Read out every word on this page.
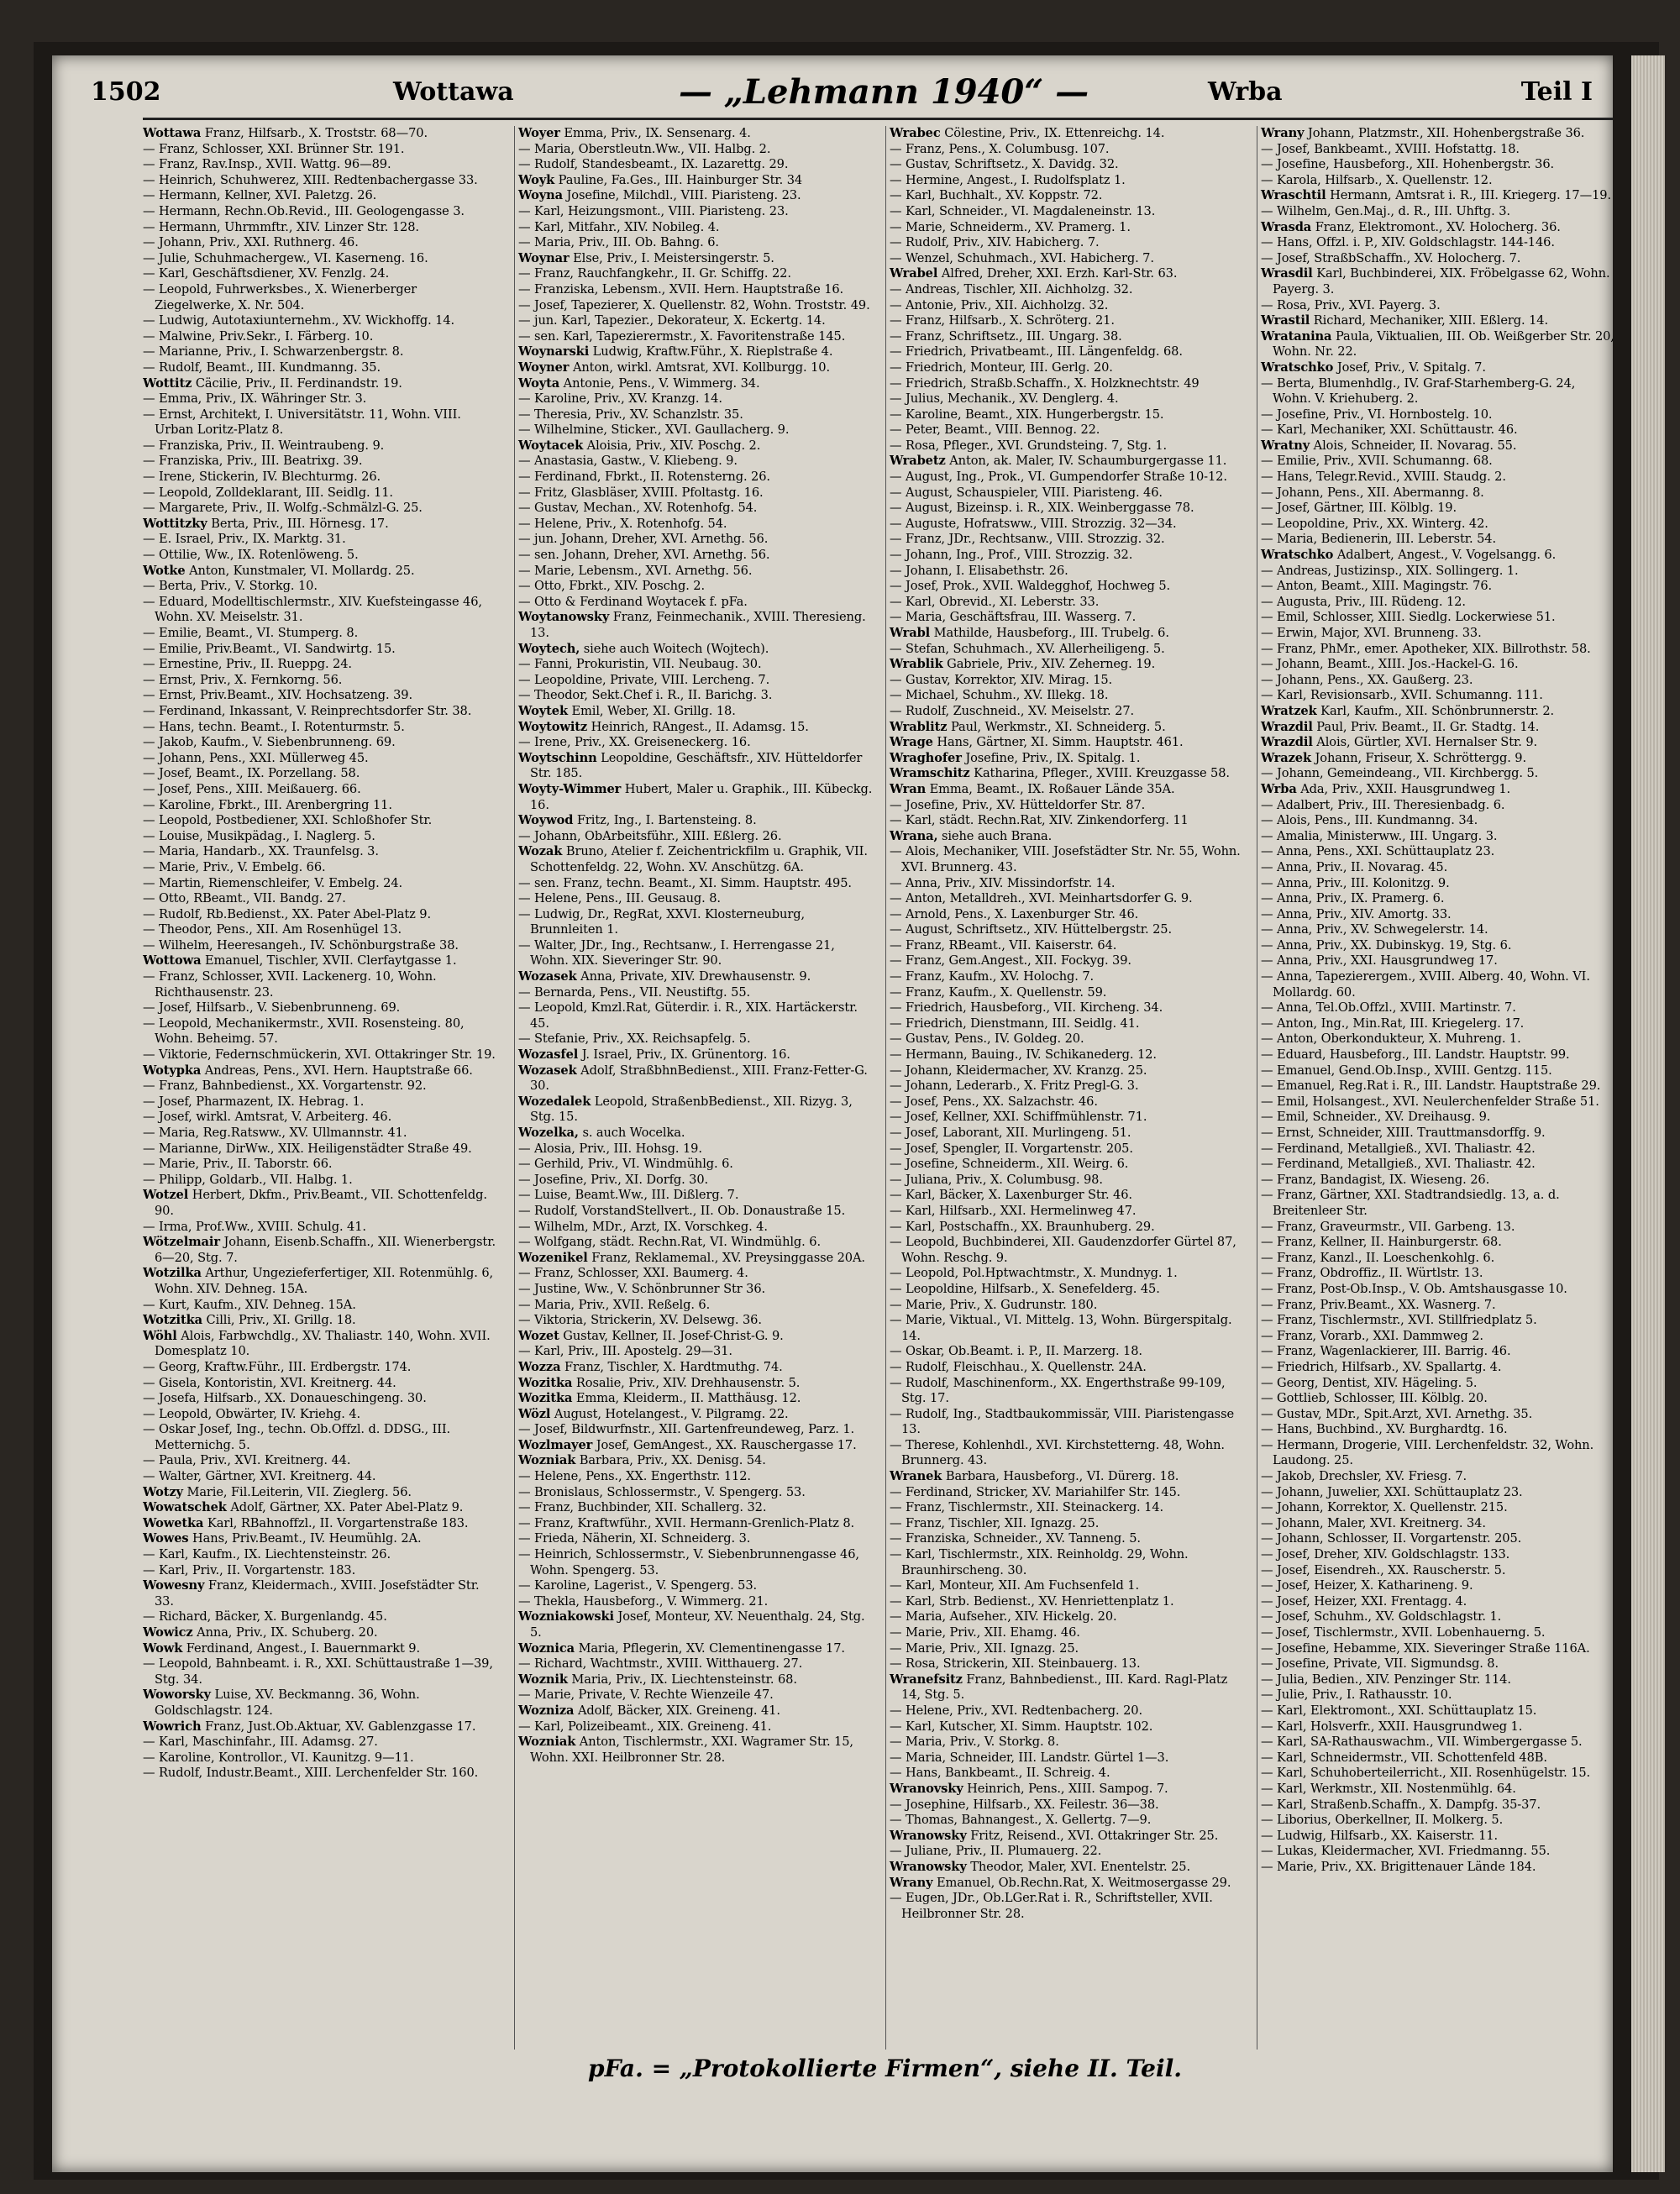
1502	Wottawa	— „Lehmann 1940“ —	Wrba	Teil I

Wottawa Franz, Hilfsarb., X. Troststr. 68—70.

— Franz, Schlosser, XXI. Brünner Str. 191.

— Franz, Rav.Insp., XVII. Wattg. 96—89.

— Heinrich, Schuhwerez, XIII. Redtenbachergasse 33.

— Hermann, Kellner, XVI. Paletzg. 26.

— Hermann, Rechn.Ob.Revid., III. Geologengasse 3.

— Hermann, Uhrmmftr., XIV. Linzer Str. 128.

— Johann, Priv., XXI. Ruthnerg. 46.

— Julie, Schuhmachergew., VI. Kaserneng. 16.

— Karl, Geschäftsdiener, XV. Fenzlg. 24.

— Leopold, Fuhrwerksbes., X. Wienerberger Ziegelwerke, X. Nr. 504.

— Ludwig, Autotaxiunternehm., XV. Wickhoffg. 14.

— Malwine, Priv.Sekr., I. Färberg. 10.

— Marianne, Priv., I. Schwarzenbergstr. 8.

— Rudolf, Beamt., III. Kundmanng. 35.

Wottitz Cäcilie, Priv., II. Ferdinandstr. 19.

— Emma, Priv., IX. Währinger Str. 3.

— Ernst, Architekt, I. Universitätstr. 11, Wohn. VIII. Urban Loritz-Platz 8.

— Franziska, Priv., II. Weintraubeng. 9.

— Franziska, Priv., III. Beatrixg. 39.

— Irene, Stickerin, IV. Blechturmg. 26.

— Leopold, Zolldeklarant, III. Seidlg. 11.

— Margarete, Priv., II. Wolfg.-Schmälzl-G. 25.

Wottitzky Berta, Priv., III. Hörnesg. 17.

— E. Israel, Priv., IX. Marktg. 31.

— Ottilie, Ww., IX. Rotenlöweng. 5.

Wotke Anton, Kunstmaler, VI. Mollardg. 25.

— Berta, Priv., V. Storkg. 10.

— Eduard, Modelltischlermstr., XIV. Kuefsteingasse 46, Wohn. XV. Meiselstr. 31.

— Emilie, Beamt., VI. Stumperg. 8.

— Emilie, Priv.Beamt., VI. Sandwirtg. 15.

— Ernestine, Priv., II. Rueppg. 24.

— Ernst, Priv., X. Fernkorng. 56.

— Ernst, Priv.Beamt., XIV. Hochsatzeng. 39.

— Ferdinand, Inkassant, V. Reinprechtsdorfer Str. 38.

— Hans, techn. Beamt., I. Rotenturmstr. 5.

— Jakob, Kaufm., V. Siebenbrunneng. 69.

— Johann, Pens., XXI. Müllerweg 45.

— Josef, Beamt., IX. Porzellang. 58.

— Josef, Pens., XIII. Meißauerg. 66.

— Karoline, Fbrkt., III. Arenbergring 11.

— Leopold, Postbediener, XXI. Schloßhofer Str.

— Louise, Musikpädag., I. Naglerg. 5.

— Maria, Handarb., XX. Traunfelsg. 3.

— Marie, Priv., V. Embelg. 66.

— Martin, Riemenschleifer, V. Embelg. 24.

— Otto, RBeamt., VII. Bandg. 27.

— Rudolf, Rb.Bedienst., XX. Pater Abel-Platz 9.

— Theodor, Pens., XII. Am Rosenhügel 13.

— Wilhelm, Heeresangeh., IV. Schönburgstraße 38.

Wottowa Emanuel, Tischler, XVII. Clerfaytgasse 1.

— Franz, Schlosser, XVII. Lackenerg. 10, Wohn. Richthausenstr. 23.

— Josef, Hilfsarb., V. Siebenbrunneng. 69.

— Leopold, Mechanikermstr., XVII. Rosensteing. 80, Wohn. Beheimg. 57.

— Viktorie, Federnschmückerin, XVI. Ottakringer Str. 19.

Wotypka Andreas, Pens., XVI. Hern. Hauptstraße 66.

— Franz, Bahnbedienst., XX. Vorgartenstr. 92.

— Josef, Pharmazent, IX. Hebrag. 1.

— Josef, wirkl. Amtsrat, V. Arbeiterg. 46.

— Maria, Reg.Ratsww., XV. Ullmannstr. 41.

— Marianne, DirWw., XIX. Heiligenstädter Straße 49.

— Marie, Priv., II. Taborstr. 66.

— Philipp, Goldarb., VII. Halbg. 1.

Wotzel Herbert, Dkfm., Priv.Beamt., VII. Schottenfeldg. 90.

— Irma, Prof.Ww., XVIII. Schulg. 41.

Wötzelmair Johann, Eisenb.Schaffn., XII. Wienerbergstr. 6—20, Stg. 7.

Wotzilka Arthur, Ungezieferfertiger, XII. Rotenmühlg. 6, Wohn. XIV. Dehneg. 15A.

— Kurt, Kaufm., XIV. Dehneg. 15A.

Wotzitka Cilli, Priv., XI. Grillg. 18.

Wöhl Alois, Farbwchdlg., XV. Thaliastr. 140, Wohn. XVII. Domesplatz 10.

— Georg, Kraftw.Führ., III. Erdbergstr. 174.

— Gisela, Kontoristin, XVI. Kreitnerg. 44.

— Josefa, Hilfsarb., XX. Donaueschingeng. 30.

— Leopold, Obwärter, IV. Kriehg. 4.

— Oskar Josef, Ing., techn. Ob.Offzl. d. DDSG., III. Metternichg. 5.

— Paula, Priv., XVI. Kreitnerg. 44.

— Walter, Gärtner, XVI. Kreitnerg. 44.

Wotzy Marie, Fil.Leiterin, VII. Zieglerg. 56.

Wowatschek Adolf, Gärtner, XX. Pater Abel-Platz 9.

Wowetka Karl, RBahnoffzl., II. Vorgartenstraße 183.

Wowes Hans, Priv.Beamt., IV. Heumühlg. 2A.

— Karl, Kaufm., IX. Liechtensteinstr. 26.

— Karl, Priv., II. Vorgartenstr. 183.

Wowesny Franz, Kleidermach., XVIII. Josefstädter Str. 33.

— Richard, Bäcker, X. Burgenlandg. 45.

Wowicz Anna, Priv., IX. Schuberg. 20.

Wowk Ferdinand, Angest., I. Bauernmarkt 9.

— Leopold, Bahnbeamt. i. R., XXI. Schüttaustraße 1—39, Stg. 34.

Woworsky Luise, XV. Beckmanng. 36, Wohn. Goldschlagstr. 124.

Wowrich Franz, Just.Ob.Aktuar, XV. Gablenzgasse 17.

— Karl, Maschinfahr., III. Adamsg. 27.

— Karoline, Kontrollor., VI. Kaunitzg. 9—11.

— Rudolf, Industr.Beamt., XIII. Lerchenfelder Str. 160.

Woyer Emma, Priv., IX. Sensenarg. 4.

— Maria, Oberstleutn.Ww., VII. Halbg. 2.

— Rudolf, Standesbeamt., IX. Lazarettg. 29.

Woyk Pauline, Fa.Ges., III. Hainburger Str. 34

Woyna Josefine, Milchdl., VIII. Piaristeng. 23.

— Karl, Heizungsmont., VIII. Piaristeng. 23.

— Karl, Mitfahr., XIV. Nobileg. 4.

— Maria, Priv., III. Ob. Bahng. 6.

Woynar Else, Priv., I. Meistersingerstr. 5.

— Franz, Rauchfangkehr., II. Gr. Schiffg. 22.

— Franziska, Lebensm., XVII. Hern. Hauptstraße 16.

— Josef, Tapezierer, X. Quellenstr. 82, Wohn. Troststr. 49.

— jun. Karl, Tapezier., Dekorateur, X. Eckertg. 14.

— sen. Karl, Tapezierermstr., X. Favoritenstraße 145.

Woynarski Ludwig, Kraftw.Führ., X. Rieplstraße 4.

Woyner Anton, wirkl. Amtsrat, XVI. Kollburgg. 10.

Woyta Antonie, Pens., V. Wimmerg. 34.

— Karoline, Priv., XV. Kranzg. 14.

— Theresia, Priv., XV. Schanzlstr. 35.

— Wilhelmine, Sticker., XVI. Gaullacherg. 9.

Woytacek Aloisia, Priv., XIV. Poschg. 2.

— Anastasia, Gastw., V. Kliebeng. 9.

— Ferdinand, Fbrkt., II. Rotensterng. 26.

— Fritz, Glasbläser, XVIII. Pfoltastg. 16.

— Gustav, Mechan., XV. Rotenhofg. 54.

— Helene, Priv., X. Rotenhofg. 54.

— jun. Johann, Dreher, XVI. Arnethg. 56.

— sen. Johann, Dreher, XVI. Arnethg. 56.

— Marie, Lebensm., XVI. Arnethg. 56.

— Otto, Fbrkt., XIV. Poschg. 2.

— Otto & Ferdinand Woytacek f. pFa.

Woytanowsky Franz, Feinmechanik., XVIII. Theresieng. 13.

Woytech, siehe auch Woitech (Wojtech).

— Fanni, Prokuristin, VII. Neubaug. 30.

— Leopoldine, Private, VIII. Lercheng. 7.

— Theodor, Sekt.Chef i. R., II. Barichg. 3.

Woytek Emil, Weber, XI. Grillg. 18.

Woytowitz Heinrich, RAngest., II. Adamsg. 15.

— Irene, Priv., XX. Greiseneckerg. 16.

Woytschinn Leopoldine, Geschäftsfr., XIV. Hütteldorfer Str. 185.

Woyty-Wimmer Hubert, Maler u. Graphik., III. Kübeckg. 16.

Woywod Fritz, Ing., I. Bartensteing. 8.

— Johann, ObArbeitsführ., XIII. Eßlerg. 26.

Wozak Bruno, Atelier f. Zeichentrickfilm u. Graphik, VII. Schottenfeldg. 22, Wohn. XV. Anschützg. 6A.

— sen. Franz, techn. Beamt., XI. Simm. Hauptstr. 495.

— Helene, Pens., III. Geusaug. 8.

— Ludwig, Dr., RegRat, XXVI. Klosterneuburg, Brunnleiten 1.

— Walter, JDr., Ing., Rechtsanw., I. Herrengasse 21, Wohn. XIX. Sieveringer Str. 90.

Wozasek Anna, Private, XIV. Drewhausenstr. 9.

— Bernarda, Pens., VII. Neustiftg. 55.

— Leopold, Kmzl.Rat, Güterdir. i. R., XIX. Hartäckerstr. 45.

— Stefanie, Priv., XX. Reichsapfelg. 5.

Wozasfel J. Israel, Priv., IX. Grünentorg. 16.

Wozasek Adolf, StraßbhnBedienst., XIII. Franz-Fetter-G. 30.

Wozedalek Leopold, StraßenbBedienst., XII. Rizyg. 3, Stg. 15.

Wozelka, s. auch Wocelka.

— Alosia, Priv., III. Hohsg. 19.

— Gerhild, Priv., VI. Windmühlg. 6.

— Josefine, Priv., XI. Dorfg. 30.

— Luise, Beamt.Ww., III. Dißlerg. 7.

— Rudolf, VorstandStellvert., II. Ob. Donaustraße 15.

— Wilhelm, MDr., Arzt, IX. Vorschkeg. 4.

— Wolfgang, städt. Rechn.Rat, VI. Windmühlg. 6.

Wozenikel Franz, Reklamemal., XV. Preysinggasse 20A.

— Franz, Schlosser, XXI. Baumerg. 4.

— Justine, Ww., V. Schönbrunner Str 36.

— Maria, Priv., XVII. Reßelg. 6.

— Viktoria, Strickerin, XV. Delsewg. 36.

Wozet Gustav, Kellner, II. Josef-Christ-G. 9.

— Karl, Priv., III. Apostelg. 29—31.

Wozza Franz, Tischler, X. Hardtmuthg. 74.

Wozitka Rosalie, Priv., XIV. Drehhausenstr. 5.

Wozitka Emma, Kleiderm., II. Matthäusg. 12.

Wözl August, Hotelangest., V. Pilgramg. 22.

— Josef, Bildwurfnstr., XII. Gartenfreundeweg, Parz. 1.

Wozlmayer Josef, GemAngest., XX. Rauschergasse 17.

Wozniak Barbara, Priv., XX. Denisg. 54.

— Helene, Pens., XX. Engerthstr. 112.

— Bronislaus, Schlossermstr., V. Spengerg. 53.

— Franz, Buchbinder, XII. Schallerg. 32.

— Franz, Kraftwführ., XVII. Hermann-Grenlich-Platz 8.

— Frieda, Näherin, XI. Schneiderg. 3.

— Heinrich, Schlossermstr., V. Siebenbrunnengasse 46, Wohn. Spengerg. 53.

— Karoline, Lagerist., V. Spengerg. 53.

— Thekla, Hausbeforg., V. Wimmerg. 21.

Wozniakowski Josef, Monteur, XV. Neuenthalg. 24, Stg. 5.

Woznica Maria, Pflegerin, XV. Clementinengasse 17.

— Richard, Wachtmstr., XVIII. Witthauerg. 27.

Woznik Maria, Priv., IX. Liechtensteinstr. 68.

— Marie, Private, V. Rechte Wienzeile 47.

Wozniza Adolf, Bäcker, XIX. Greineng. 41.

— Karl, Polizeibeamt., XIX. Greineng. 41.

Wozniak Anton, Tischlermstr., XXI. Wagramer Str. 15, Wohn. XXI. Heilbronner Str. 28.

Wrabec Cölestine, Priv., IX. Ettenreichg. 14.

— Franz, Pens., X. Columbusg. 107.

— Gustav, Schriftsetz., X. Davidg. 32.

— Hermine, Angest., I. Rudolfsplatz 1.

— Karl, Buchhalt., XV. Koppstr. 72.

— Karl, Schneider., VI. Magdaleneinstr. 13.

— Marie, Schneiderm., XV. Pramerg. 1.

— Rudolf, Priv., XIV. Habicherg. 7.

— Wenzel, Schuhmach., XVI. Habicherg. 7.

Wrabel Alfred, Dreher, XXI. Erzh. Karl-Str. 63.

— Andreas, Tischler, XII. Aichholzg. 32.

— Antonie, Priv., XII. Aichholzg. 32.

— Franz, Hilfsarb., X. Schröterg. 21.

— Franz, Schriftsetz., III. Ungarg. 38.

— Friedrich, Privatbeamt., III. Längenfeldg. 68.

— Friedrich, Monteur, III. Gerlg. 20.

— Friedrich, Straßb.Schaffn., X. Holzknechtstr. 49

— Julius, Mechanik., XV. Denglerg. 4.

— Karoline, Beamt., XIX. Hungerbergstr. 15.

— Peter, Beamt., VIII. Bennog. 22.

— Rosa, Pfleger., XVI. Grundsteing. 7, Stg. 1.

Wrabetz Anton, ak. Maler, IV. Schaumburgergasse 11.

— August, Ing., Prok., VI. Gumpendorfer Straße 10-12.

— August, Schauspieler, VIII. Piaristeng. 46.

— August, Bizeinsp. i. R., XIX. Weinberggasse 78.

— Auguste, Hofratsww., VIII. Strozzig. 32—34.

— Franz, JDr., Rechtsanw., VIII. Strozzig. 32.

— Johann, Ing., Prof., VIII. Strozzig. 32.

— Johann, I. Elisabethstr. 26.

— Josef, Prok., XVII. Waldegghof, Hochweg 5.

— Karl, Obrevid., XI. Leberstr. 33.

— Maria, Geschäftsfrau, III. Wasserg. 7.

Wrabl Mathilde, Hausbeforg., III. Trubelg. 6.

— Stefan, Schuhmach., XV. Allerheiligeng. 5.

Wrablik Gabriele, Priv., XIV. Zeherneg. 19.

— Gustav, Korrektor, XIV. Mirag. 15.

— Michael, Schuhm., XV. Illekg. 18.

— Rudolf, Zuschneid., XV. Meiselstr. 27.

Wrablitz Paul, Werkmstr., XI. Schneiderg. 5.

Wrage Hans, Gärtner, XI. Simm. Hauptstr. 461.

Wraghofer Josefine, Priv., IX. Spitalg. 1.

Wramschitz Katharina, Pfleger., XVIII. Kreuzgasse 58.

Wran Emma, Beamt., IX. Roßauer Lände 35A.

— Josefine, Priv., XV. Hütteldorfer Str. 87.

— Karl, städt. Rechn.Rat, XIV. Zinkendorferg. 11

Wrana, siehe auch Brana.

— Alois, Mechaniker, VIII. Josefstädter Str. Nr. 55, Wohn. XVI. Brunnerg. 43.

— Anna, Priv., XIV. Missindorfstr. 14.

— Anton, Metalldreh., XVI. Meinhartsdorfer G. 9.

— Arnold, Pens., X. Laxenburger Str. 46.

— August, Schriftsetz., XIV. Hüttelbergstr. 25.

— Franz, RBeamt., VII. Kaiserstr. 64.

— Franz, Gem.Angest., XII. Fockyg. 39.

— Franz, Kaufm., XV. Holochg. 7.

— Franz, Kaufm., X. Quellenstr. 59.

— Friedrich, Hausbeforg., VII. Kircheng. 34.

— Friedrich, Dienstmann, III. Seidlg. 41.

— Gustav, Pens., IV. Goldeg. 20.

— Hermann, Bauing., IV. Schikanederg. 12.

— Johann, Kleidermacher, XV. Kranzg. 25.

— Johann, Lederarb., X. Fritz Pregl-G. 3.

— Josef, Pens., XX. Salzachstr. 46.

— Josef, Kellner, XXI. Schiffmühlenstr. 71.

— Josef, Laborant, XII. Murlingeng. 51.

— Josef, Spengler, II. Vorgartenstr. 205.

— Josefine, Schneiderm., XII. Weirg. 6.

— Juliana, Priv., X. Columbusg. 98.

— Karl, Bäcker, X. Laxenburger Str. 46.

— Karl, Hilfsarb., XXI. Hermelinweg 47.

— Karl, Postschaffn., XX. Braunhuberg. 29.

— Leopold, Buchbinderei, XII. Gaudenzdorfer Gürtel 87, Wohn. Reschg. 9.

— Leopold, Pol.Hptwachtmstr., X. Mundnyg. 1.

— Leopoldine, Hilfsarb., X. Senefelderg. 45.

— Marie, Priv., X. Gudrunstr. 180.

— Marie, Viktual., VI. Mittelg. 13, Wohn. Bürgerspitalg. 14.

— Oskar, Ob.Beamt. i. P., II. Marzerg. 18.

— Rudolf, Fleischhau., X. Quellenstr. 24A.

— Rudolf, Maschinenform., XX. Engerthstraße 99-109, Stg. 17.

— Rudolf, Ing., Stadtbaukommissär, VIII. Piaristengasse 13.

— Therese, Kohlenhdl., XVI. Kirchstetterng. 48, Wohn. Brunnerg. 43.

Wranek Barbara, Hausbeforg., VI. Dürerg. 18.

— Ferdinand, Stricker, XV. Mariahilfer Str. 145.

— Franz, Tischlermstr., XII. Steinackerg. 14.

— Franz, Tischler, XII. Ignazg. 25.

— Franziska, Schneider., XV. Tanneng. 5.

— Karl, Tischlermstr., XIX. Reinholdg. 29, Wohn. Braunhirscheng. 30.

— Karl, Monteur, XII. Am Fuchsenfeld 1.

— Karl, Strb. Bedienst., XV. Henriettenplatz 1.

— Maria, Aufseher., XIV. Hickelg. 20.

— Marie, Priv., XII. Ehamg. 46.

— Marie, Priv., XII. Ignazg. 25.

— Rosa, Strickerin, XII. Steinbauerg. 13.

Wranefsitz Franz, Bahnbedienst., III. Kard. Ragl-Platz 14, Stg. 5.

— Helene, Priv., XVI. Redtenbacherg. 20.

— Karl, Kutscher, XI. Simm. Hauptstr. 102.

— Maria, Priv., V. Storkg. 8.

— Maria, Schneider, III. Landstr. Gürtel 1—3.

— Hans, Bankbeamt., II. Schreig. 4.

Wranovsky Heinrich, Pens., XIII. Sampog. 7.

— Josephine, Hilfsarb., XX. Feilestr. 36—38.

— Thomas, Bahnangest., X. Gellertg. 7—9.

Wranowsky Fritz, Reisend., XVI. Ottakringer Str. 25.

— Juliane, Priv., II. Plumauerg. 22.

Wranowsky Theodor, Maler, XVI. Enentelstr. 25.

Wrany Emanuel, Ob.Rechn.Rat, X. Weitmosergasse 29.

— Eugen, JDr., Ob.LGer.Rat i. R., Schriftsteller, XVII. Heilbronner Str. 28.

Wrany Johann, Platzmstr., XII. Hohenbergstraße 36.

— Josef, Bankbeamt., XVIII. Hofstattg. 18.

— Josefine, Hausbeforg., XII. Hohenbergstr. 36.

— Karola, Hilfsarb., X. Quellenstr. 12.

Wraschtil Hermann, Amtsrat i. R., III. Kriegerg. 17—19.

— Wilhelm, Gen.Maj., d. R., III. Uhftg. 3.

Wrasda Franz, Elektromont., XV. Holocherg. 36.

— Hans, Offzl. i. P., XIV. Goldschlagstr. 144-146.

— Josef, StraßbSchaffn., XV. Holocherg. 7.

Wrasdil Karl, Buchbinderei, XIX. Fröbelgasse 62, Wohn. Payerg. 3.

— Rosa, Priv., XVI. Payerg. 3.

Wrastil Richard, Mechaniker, XIII. Eßlerg. 14.

Wratanina Paula, Viktualien, III. Ob. Weißgerber Str. 20, Wohn. Nr. 22.

Wratschko Josef, Priv., V. Spitalg. 7.

— Berta, Blumenhdlg., IV. Graf-Starhemberg-G. 24, Wohn. V. Kriehuberg. 2.

— Josefine, Priv., VI. Hornbostelg. 10.

— Karl, Mechaniker, XXI. Schüttaustr. 46.

Wratny Alois, Schneider, II. Novarag. 55.

— Emilie, Priv., XVII. Schumanng. 68.

— Hans, Telegr.Revid., XVIII. Staudg. 2.

— Johann, Pens., XII. Abermanng. 8.

— Josef, Gärtner, III. Kölblg. 19.

— Leopoldine, Priv., XX. Winterg. 42.

— Maria, Bedienerin, III. Leberstr. 54.

Wratschko Adalbert, Angest., V. Vogelsangg. 6.

— Andreas, Justizinsp., XIX. Sollingerg. 1.

— Anton, Beamt., XIII. Magingstr. 76.

— Augusta, Priv., III. Rüdeng. 12.

— Emil, Schlosser, XIII. Siedlg. Lockerwiese 51.

— Erwin, Major, XVI. Brunneng. 33.

— Franz, PhMr., emer. Apotheker, XIX. Billrothstr. 58.

— Johann, Beamt., XIII. Jos.-Hackel-G. 16.

— Johann, Pens., XX. Gaußerg. 23.

— Karl, Revisionsarb., XVII. Schumanng. 111.

Wratzek Karl, Kaufm., XII. Schönbrunnerstr. 2.

Wrazdil Paul, Priv. Beamt., II. Gr. Stadtg. 14.

Wrazdil Alois, Gürtler, XVI. Hernalser Str. 9.

Wrazek Johann, Friseur, X. Schröttergg. 9.

— Johann, Gemeindeang., VII. Kirchbergg. 5.

Wrba Ada, Priv., XXII. Hausgrundweg 1.

— Adalbert, Priv., III. Theresienbadg. 6.

— Alois, Pens., III. Kundmanng. 34.

— Amalia, Ministerww., III. Ungarg. 3.

— Anna, Pens., XXI. Schüttauplatz 23.

— Anna, Priv., II. Novarag. 45.

— Anna, Priv., III. Kolonitzg. 9.

— Anna, Priv., IX. Pramerg. 6.

— Anna, Priv., XIV. Amortg. 33.

— Anna, Priv., XV. Schwegelerstr. 14.

— Anna, Priv., XX. Dubinskyg. 19, Stg. 6.

— Anna, Priv., XXI. Hausgrundweg 17.

— Anna, Tapezierergem., XVIII. Alberg. 40, Wohn. VI. Mollardg. 60.

— Anna, Tel.Ob.Offzl., XVIII. Martinstr. 7.

— Anton, Ing., Min.Rat, III. Kriegelerg. 17.

— Anton, Oberkondukteur, X. Muhreng. 1.

— Eduard, Hausbeforg., III. Landstr. Hauptstr. 99.

— Emanuel, Gend.Ob.Insp., XVIII. Gentzg. 115.

— Emanuel, Reg.Rat i. R., III. Landstr. Hauptstraße 29.

— Emil, Holsangest., XVI. Neulerchenfelder Straße 51.

— Emil, Schneider., XV. Dreihausg. 9.

— Ernst, Schneider, XIII. Trauttmansdorffg. 9.

— Ferdinand, Metallgieß., XVI. Thaliastr. 42.

— Ferdinand, Metallgieß., XVI. Thaliastr. 42.

— Franz, Bandagist, IX. Wieseng. 26.

— Franz, Gärtner, XXI. Stadtrandsiedlg. 13, a. d. Breitenleer Str.

— Franz, Graveurmstr., VII. Garbeng. 13.

— Franz, Kellner, II. Hainburgerstr. 68.

— Franz, Kanzl., II. Loeschenkohlg. 6.

— Franz, Obdroffiz., II. Würtlstr. 13.

— Franz, Post-Ob.Insp., V. Ob. Amtshausgasse 10.

— Franz, Priv.Beamt., XX. Wasnerg. 7.

— Franz, Tischlermstr., XVI. Stillfriedplatz 5.

— Franz, Vorarb., XXI. Dammweg 2.

— Franz, Wagenlackierer, III. Barrig. 46.

— Friedrich, Hilfsarb., XV. Spallartg. 4.

— Georg, Dentist, XIV. Hägeling. 5.

— Gottlieb, Schlosser, III. Kölblg. 20.

— Gustav, MDr., Spit.Arzt, XVI. Arnethg. 35.

— Hans, Buchbind., XV. Burghardtg. 16.

— Hermann, Drogerie, VIII. Lerchenfeldstr. 32, Wohn. Laudong. 25.

— Jakob, Drechsler, XV. Friesg. 7.

— Johann, Juwelier, XXI. Schüttauplatz 23.

— Johann, Korrektor, X. Quellenstr. 215.

— Johann, Maler, XVI. Kreitnerg. 34.

— Johann, Schlosser, II. Vorgartenstr. 205.

— Josef, Dreher, XIV. Goldschlagstr. 133.

— Josef, Eisendreh., XX. Rauscherstr. 5.

— Josef, Heizer, X. Katharineng. 9.

— Josef, Heizer, XXI. Frentagg. 4.

— Josef, Schuhm., XV. Goldschlagstr. 1.

— Josef, Tischlermstr., XVII. Lobenhauerng. 5.

— Josefine, Hebamme, XIX. Sieveringer Straße 116A.

— Josefine, Private, VII. Sigmundsg. 8.

— Julia, Bedien., XIV. Penzinger Str. 114.

— Julie, Priv., I. Rathausstr. 10.

— Karl, Elektromont., XXI. Schüttauplatz 15.

— Karl, Holsverfr., XXII. Hausgrundweg 1.

— Karl, SA-Rathauswachm., VII. Wimbergergasse 5.

— Karl, Schneidermstr., VII. Schottenfeld 48B.

— Karl, Schuhoberteilerricht., XII. Rosenhügelstr. 15.

— Karl, Werkmstr., XII. Nostenmühlg. 64.

— Karl, Straßenb.Schaffn., X. Dampfg. 35-37.

— Liborius, Oberkellner, II. Molkerg. 5.

— Ludwig, Hilfsarb., XX. Kaiserstr. 11.

— Lukas, Kleidermacher, XVI. Friedmanng. 55.

— Marie, Priv., XX. Brigittenauer Lände 184.

pFa. = „Protokollierte Firmen“, siehe II. Teil.
